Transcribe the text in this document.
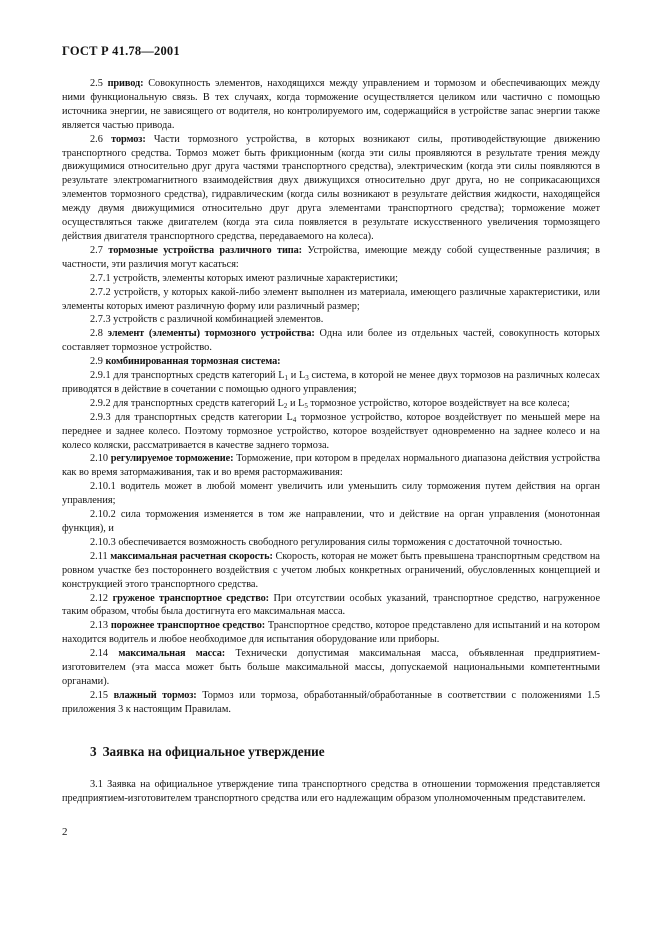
ГОСТ Р 41.78—2001

2.5 привод: Совокупность элементов, находящихся между управлением и тормозом и обеспечивающих между ними функциональную связь. В тех случаях, когда торможение осуществляется целиком или частично с помощью источника энергии, не зависящего от водителя, но контролируемого им, содержащийся в устройстве запас энергии также является частью привода.

2.6 тормоз: Части тормозного устройства, в которых возникают силы, противодействующие движению транспортного средства. Тормоз может быть фрикционным (когда эти силы проявляются в результате трения между движущимися относительно друг друга частями транспортного средства), электрическим (когда эти силы появляются в результате электромагнитного взаимодействия двух движущихся относительно друг друга, но не соприкасающихся элементов тормозного средства), гидравлическим (когда силы возникают в результате действия жидкости, находящейся между двумя движущимися относительно друг друга элементами транспортного средства); торможение может осуществляться также двигателем (когда эта сила появляется в результате искусственного увеличения тормозящего действия двигателя транспортного средства, передаваемого на колеса).

2.7 тормозные устройства различного типа: Устройства, имеющие между собой существенные различия; в частности, эти различия могут касаться:

2.7.1 устройств, элементы которых имеют различные характеристики;

2.7.2 устройств, у которых какой-либо элемент выполнен из материала, имеющего различные характеристики, или элементы которых имеют различную форму или различный размер;

2.7.3 устройств с различной комбинацией элементов.

2.8 элемент (элементы) тормозного устройства: Одна или более из отдельных частей, совокупность которых составляет тормозное устройство.

2.9 комбинированная тормозная система:

2.9.1 для транспортных средств категорий $L_1$ и $L_3$ система, в которой не менее двух тормозов на различных колесах приводятся в действие в сочетании с помощью одного управления;

2.9.2 для транспортных средств категорий $L_2$ и $L_5$ тормозное устройство, которое воздействует на все колеса;

2.9.3 для транспортных средств категории $L_4$ тормозное устройство, которое воздействует по меньшей мере на переднее и заднее колесо. Поэтому тормозное устройство, которое воздействует одновременно на заднее колесо и на колесо коляски, рассматривается в качестве заднего тормоза.

2.10 регулируемое торможение: Торможение, при котором в пределах нормального диапазона действия устройства как во время затормаживания, так и во время растормаживания:

2.10.1 водитель может в любой момент увеличить или уменьшить силу торможения путем действия на орган управления;

2.10.2 сила торможения изменяется в том же направлении, что и действие на орган управления (монотонная функция), и

2.10.3 обеспечивается возможность свободного регулирования силы торможения с достаточной точностью.

2.11 максимальная расчетная скорость: Скорость, которая не может быть превышена транспортным средством на ровном участке без постороннего воздействия с учетом любых конкретных ограничений, обусловленных концепцией и конструкцией этого транспортного средства.

2.12 груженое транспортное средство: При отсутствии особых указаний, транспортное средство, нагруженное таким образом, чтобы была достигнута его максимальная масса.

2.13 порожнее транспортное средство: Транспортное средство, которое представлено для испытаний и на котором находится водитель и любое необходимое для испытания оборудование или приборы.

2.14 максимальная масса: Технически допустимая максимальная масса, объявленная предприятием-изготовителем (эта масса может быть больше максимальной массы, допускаемой национальными компетентными органами).

2.15 влажный тормоз: Тормоз или тормоза, обработанный/обработанные в соответствии с положениями 1.5 приложения 3 к настоящим Правилам.

3 Заявка на официальное утверждение

3.1 Заявка на официальное утверждение типа транспортного средства в отношении торможения представляется предприятием-изготовителем транспортного средства или его надлежащим образом уполномоченным представителем.

2
